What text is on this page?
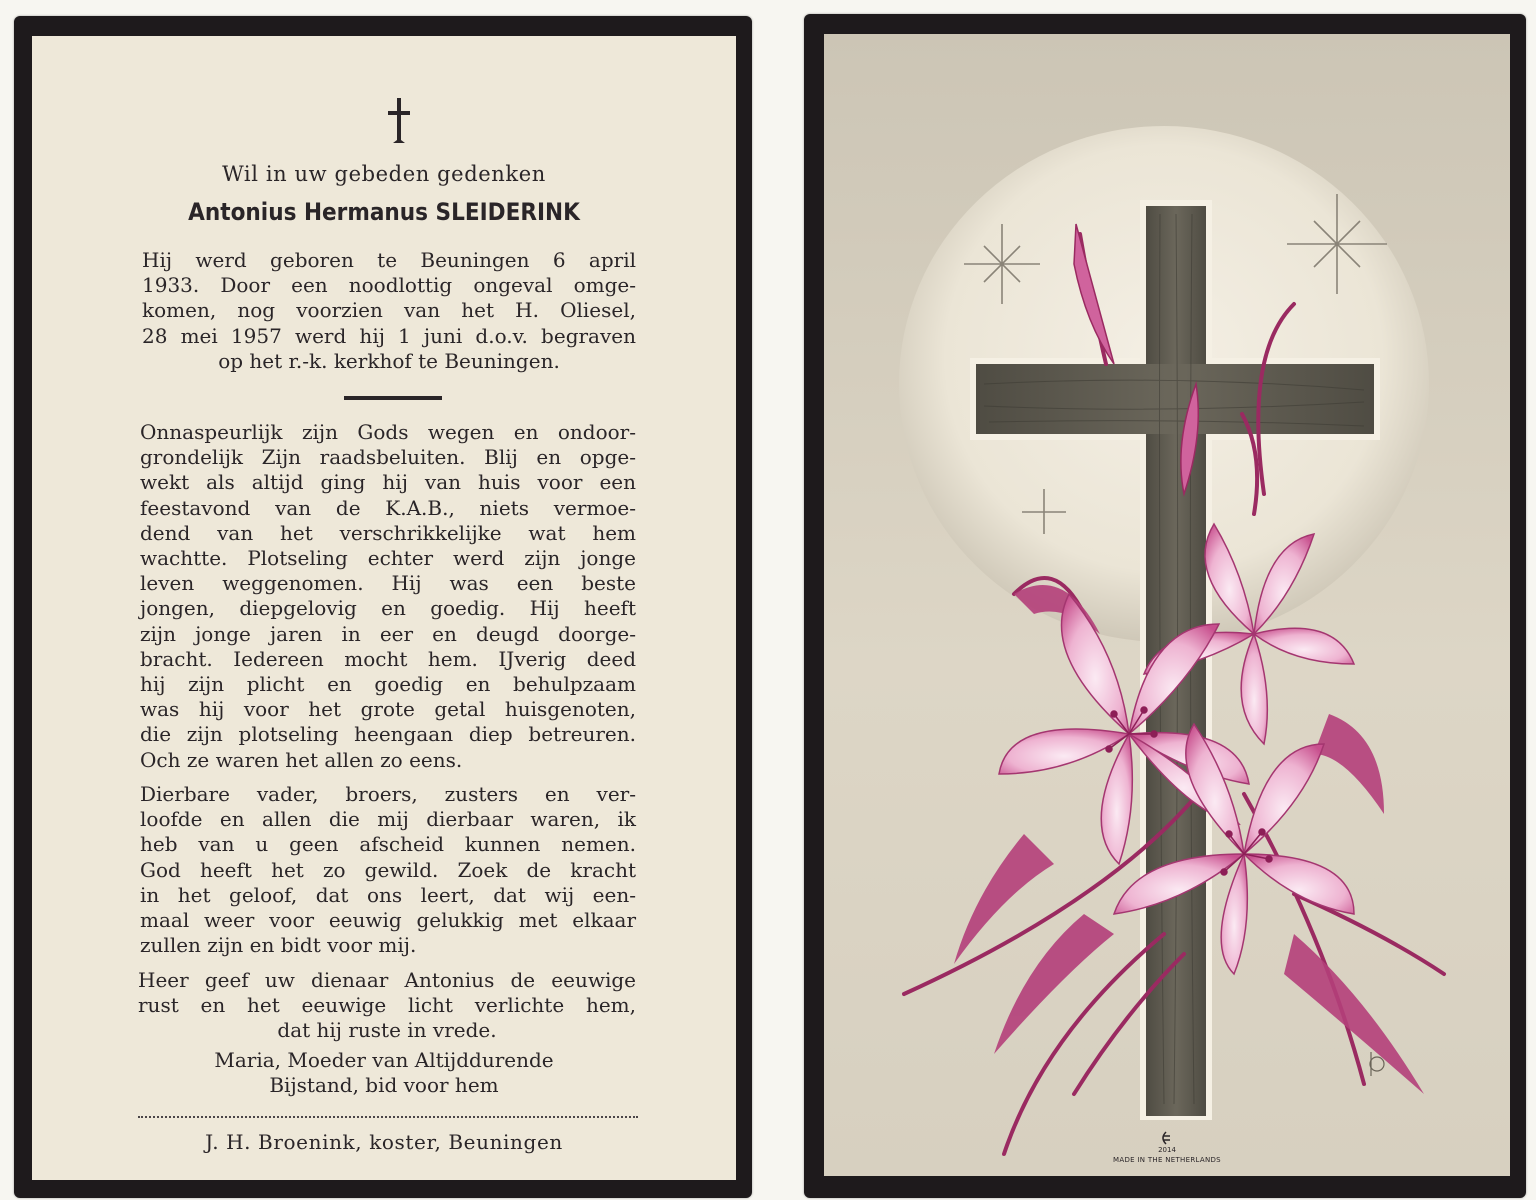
Wil in uw gebeden gedenken
Antonius Hermanus SLEIDERINK
Hij werd geboren te Beuningen 6 april
1933. Door een noodlottig ongeval omge-
komen, nog voorzien van het H. Oliesel,
28 mei 1957 werd hij 1 juni d.o.v. begraven
op het r.-k. kerkhof te Beuningen.
Onnaspeurlijk zijn Gods wegen en ondoor-
grondelijk Zijn raadsbeluiten. Blij en opge-
wekt als altijd ging hij van huis voor een
feestavond van de K.A.B., niets vermoe-
dend van het verschrikkelijke wat hem
wachtte. Plotseling echter werd zijn jonge
leven weggenomen. Hij was een beste
jongen, diepgelovig en goedig. Hij heeft
zijn jonge jaren in eer en deugd doorge-
bracht. Iedereen mocht hem. IJverig deed
hij zijn plicht en goedig en behulpzaam
was hij voor het grote getal huisgenoten,
die zijn plotseling heengaan diep betreuren.
Och ze waren het allen zo eens.
Dierbare vader, broers, zusters en ver-
loofde en allen die mij dierbaar waren, ik
heb van u geen afscheid kunnen nemen.
God heeft het zo gewild. Zoek de kracht
in het geloof, dat ons leert, dat wij een-
maal weer voor eeuwig gelukkig met elkaar
zullen zijn en bidt voor mij.
Heer geef uw dienaar Antonius de eeuwige
rust en het eeuwige licht verlichte hem,
dat hij ruste in vrede.
Maria, Moeder van Altijddurende
Bijstand, bid voor hem
J. H. Broenink, koster, Beuningen	2014
MADE IN THE NETHERLANDS
